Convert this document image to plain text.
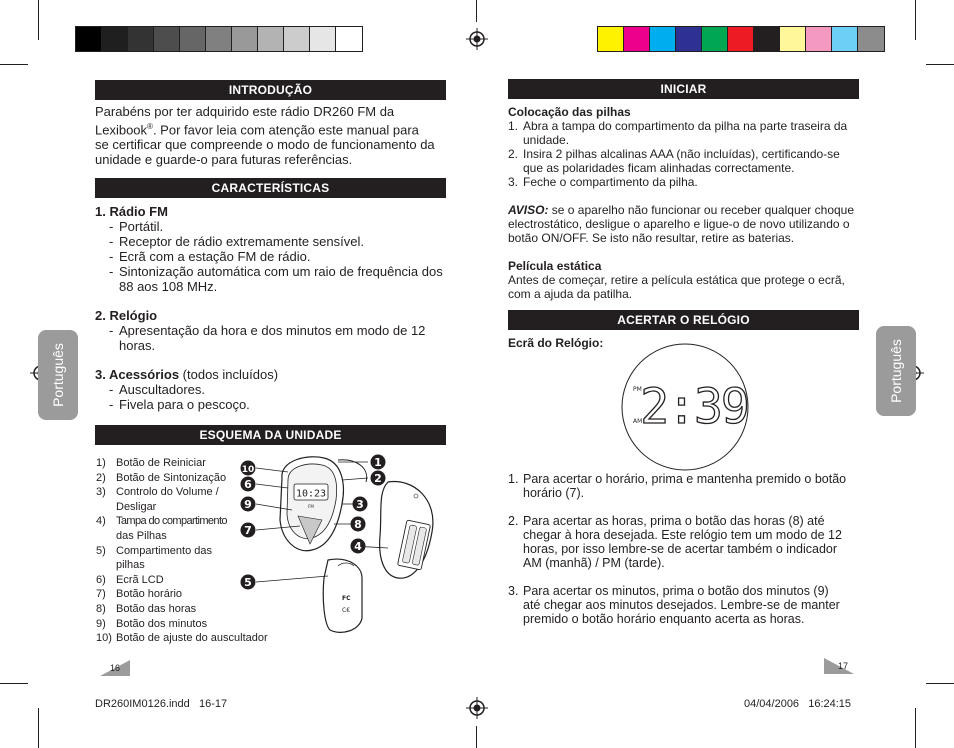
Português	Português
INTRODUÇÃO
Parabéns por ter adquirido este rádio DR260 FM da
Lexibook®. Por favor leia com atenção este manual para
se certificar que compreende o modo de funcionamento da
unidade e guarde-o para futuras referências.
CARACTERÍSTICAS
1. Rádio FM
- Portátil.
- Receptor de rádio extremamente sensível.
- Ecrã com a estação FM de rádio.
- Sintonização automática com um raio de frequência dos
88 aos 108 MHz.
2. Relógio
- Apresentação da hora e dos minutos em modo de 12
horas.
3. Acessórios (todos incluídos)
- Auscultadores.
- Fivela para o pescoço.
ESQUEMA DA UNIDADE
1) Botão de Reiniciar
2) Botão de Sintonização
3) Controlo do Volume /
Desligar
4) Tampa do compartimento
das Pilhas
5) Compartimento das
pilhas
6) Ecrã LCD
7) Botão horário
8) Botão das horas
9) Botão dos minutos
10) Botão de ajuste do auscultador
10:23
FM
FC
C€
1
2
3
4
5
6
7	8
9
10
16
DR260IM0126.indd   16-17
INICIAR
Colocação das pilhas
1. Abra a tampa do compartimento da pilha na parte traseira da
unidade.
2. Insira 2 pilhas alcalinas AAA (não incluídas), certificando-se
que as polaridades ficam alinhadas correctamente.
3. Feche o compartimento da pilha.
AVISO: se o aparelho não funcionar ou receber qualquer choque
electrostático, desligue o aparelho e ligue-o de novo utilizando o
botão ON/OFF. Se isto não resultar, retire as baterias.
Película estática
Antes de começar, retire a película estática que protege o ecrã,
com a ajuda da patilha.
ACERTAR O RELÓGIO
Ecrã do Relógio:
PM
AM
2:39
1. Para acertar o horário, prima e mantenha premido o botão
horário (7).
2. Para acertar as horas, prima o botão das horas (8) até
chegar à hora desejada. Este relógio tem um modo de 12
horas, por isso lembre-se de acertar também o indicador
AM (manhã) / PM (tarde).
3. Para acertar os minutos, prima o botão dos minutos (9)
até chegar aos minutos desejados. Lembre-se de manter
premido o botão horário enquanto acerta as horas.
17
04/04/2006   16:24:15
